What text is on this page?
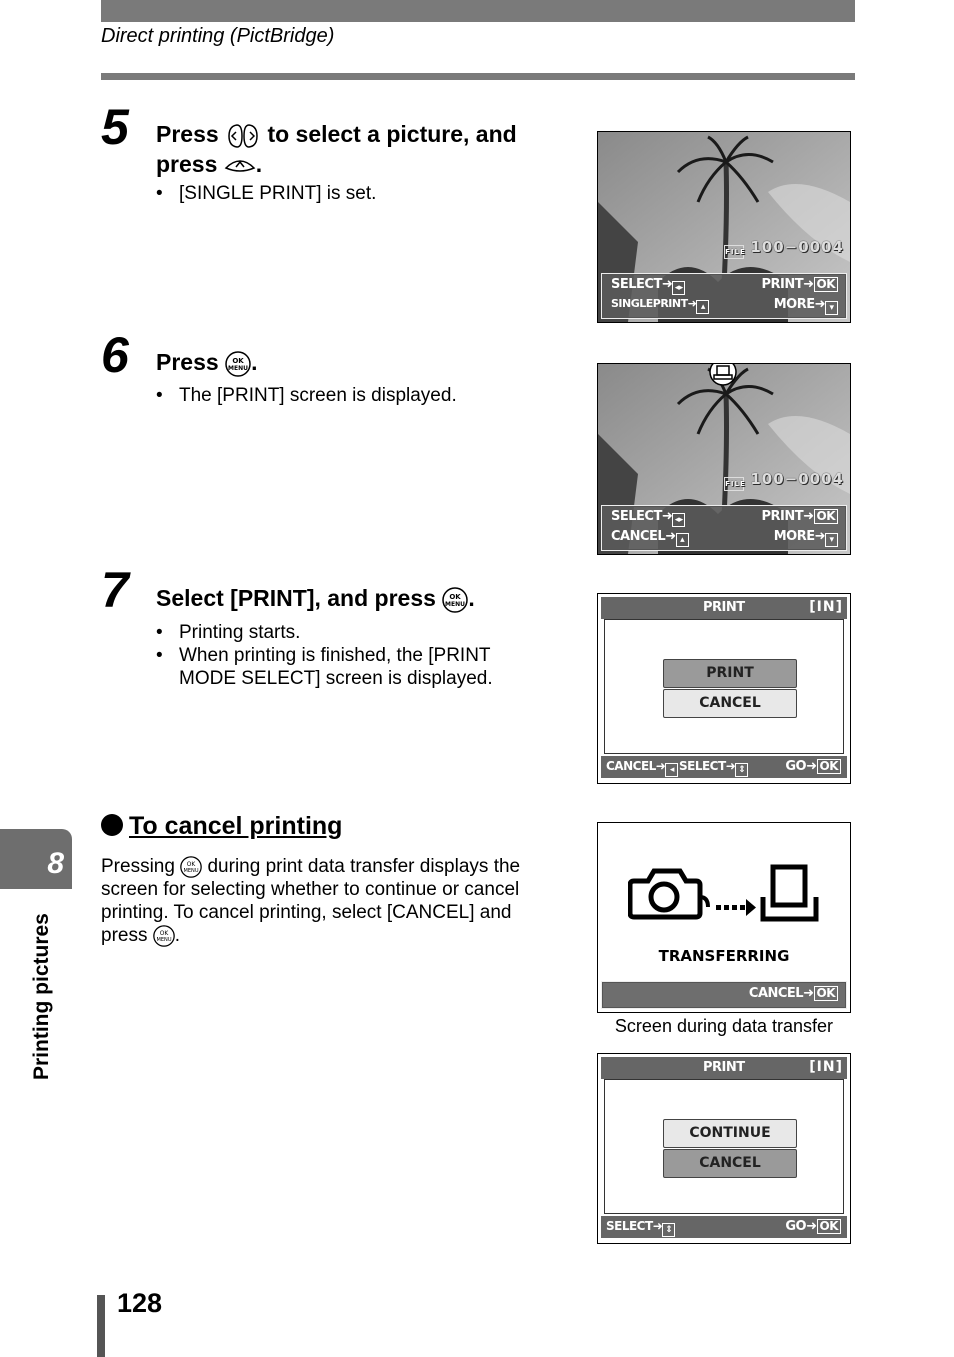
Direct printing (PictBridge)
5 Press to select a picture, and
press .
• [SINGLE PRINT] is set.
6 Press OK
MENU .
• The [PRINT] screen is displayed.
7 Select [PRINT], and press OK
MENU .
• Printing starts.
• When printing is finished, the [PRINT MODE SELECT] screen is displayed.
To cancel printing
Pressing OK
MENU during print data transfer displays the screen for selecting whether to continue or cancel printing. To cancel printing, select [CANCEL] and press OK
MENU .
FILE 100−0004
SELECT➜ ◂▸	PRINT➜ OK
SINGLEPRINT➜ ▴	MORE➜ ▾
FILE 100−0004
SELECT➜ ◂▸	PRINT➜ OK
CANCEL➜ ▴	MORE➜ ▾
PRINT	[IN]
PRINT
CANCEL
CANCEL➜ ◂ SELECT➜ ⇕	GO➜ OK
TRANSFERRING
CANCEL➜ OK
Screen during data transfer
PRINT	[IN]
CONTINUE
CANCEL
SELECT➜ ⇕	GO➜ OK
8
Printing pictures
128
